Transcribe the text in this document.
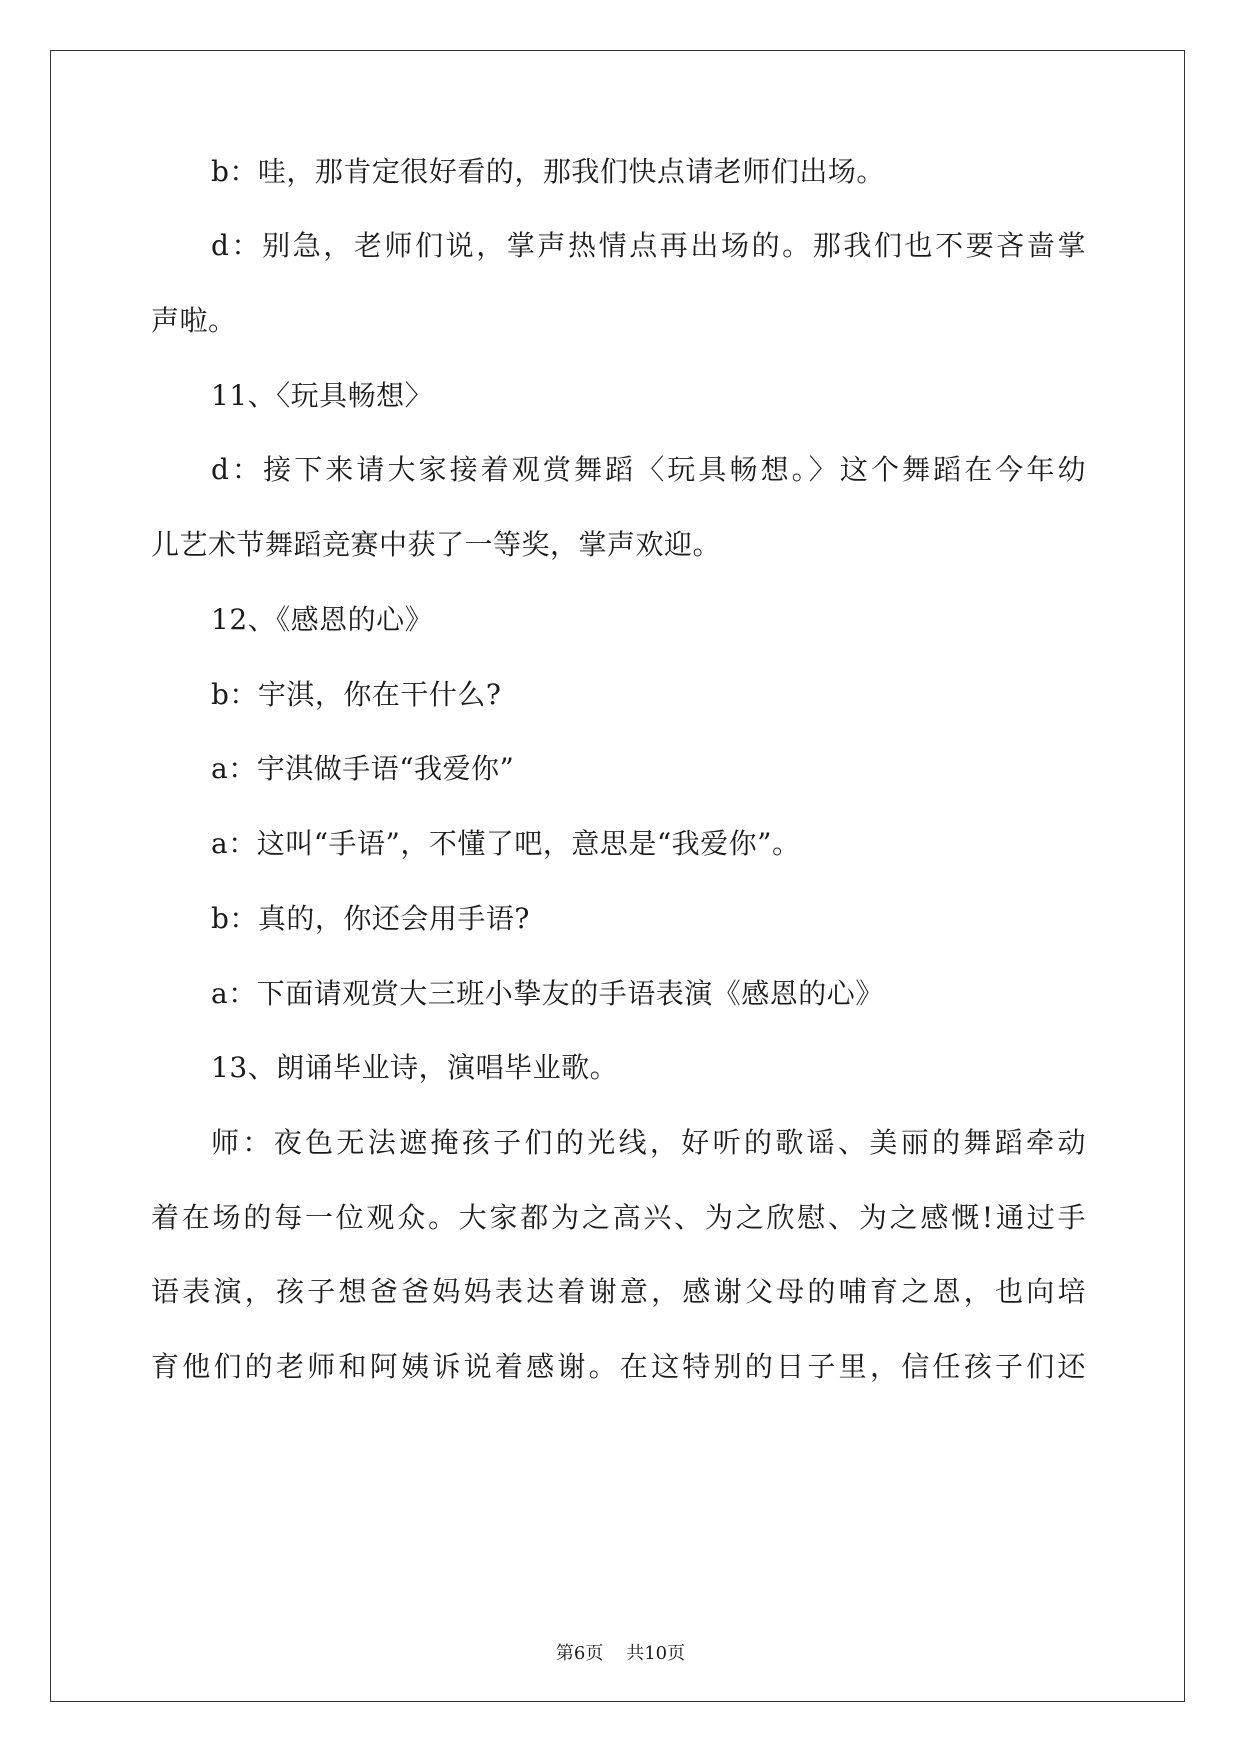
b：哇，那肯定很好看的，那我们快点请老师们出场。
d：别急，老师们说，掌声热情点再出场的。那我们也不要吝啬掌
声啦。
11、〈玩具畅想〉
d：接下来请大家接着观赏舞蹈〈玩具畅想。〉这个舞蹈在今年幼
儿艺术节舞蹈竞赛中获了一等奖，掌声欢迎。
12、《感恩的心》
b：宇淇，你在干什么?
a：宇淇做手语“我爱你”
a：这叫“手语”，不懂了吧，意思是“我爱你”。
b：真的，你还会用手语?
a：下面请观赏大三班小挚友的手语表演《感恩的心》
13、朗诵毕业诗，演唱毕业歌。
师：夜色无法遮掩孩子们的光线，好听的歌谣、美丽的舞蹈牵动
着在场的每一位观众。大家都为之高兴、为之欣慰、为之感慨!通过手
语表演，孩子想爸爸妈妈表达着谢意，感谢父母的哺育之恩，也向培
育他们的老师和阿姨诉说着感谢。在这特别的日子里，信任孩子们还
第6页 共10页
